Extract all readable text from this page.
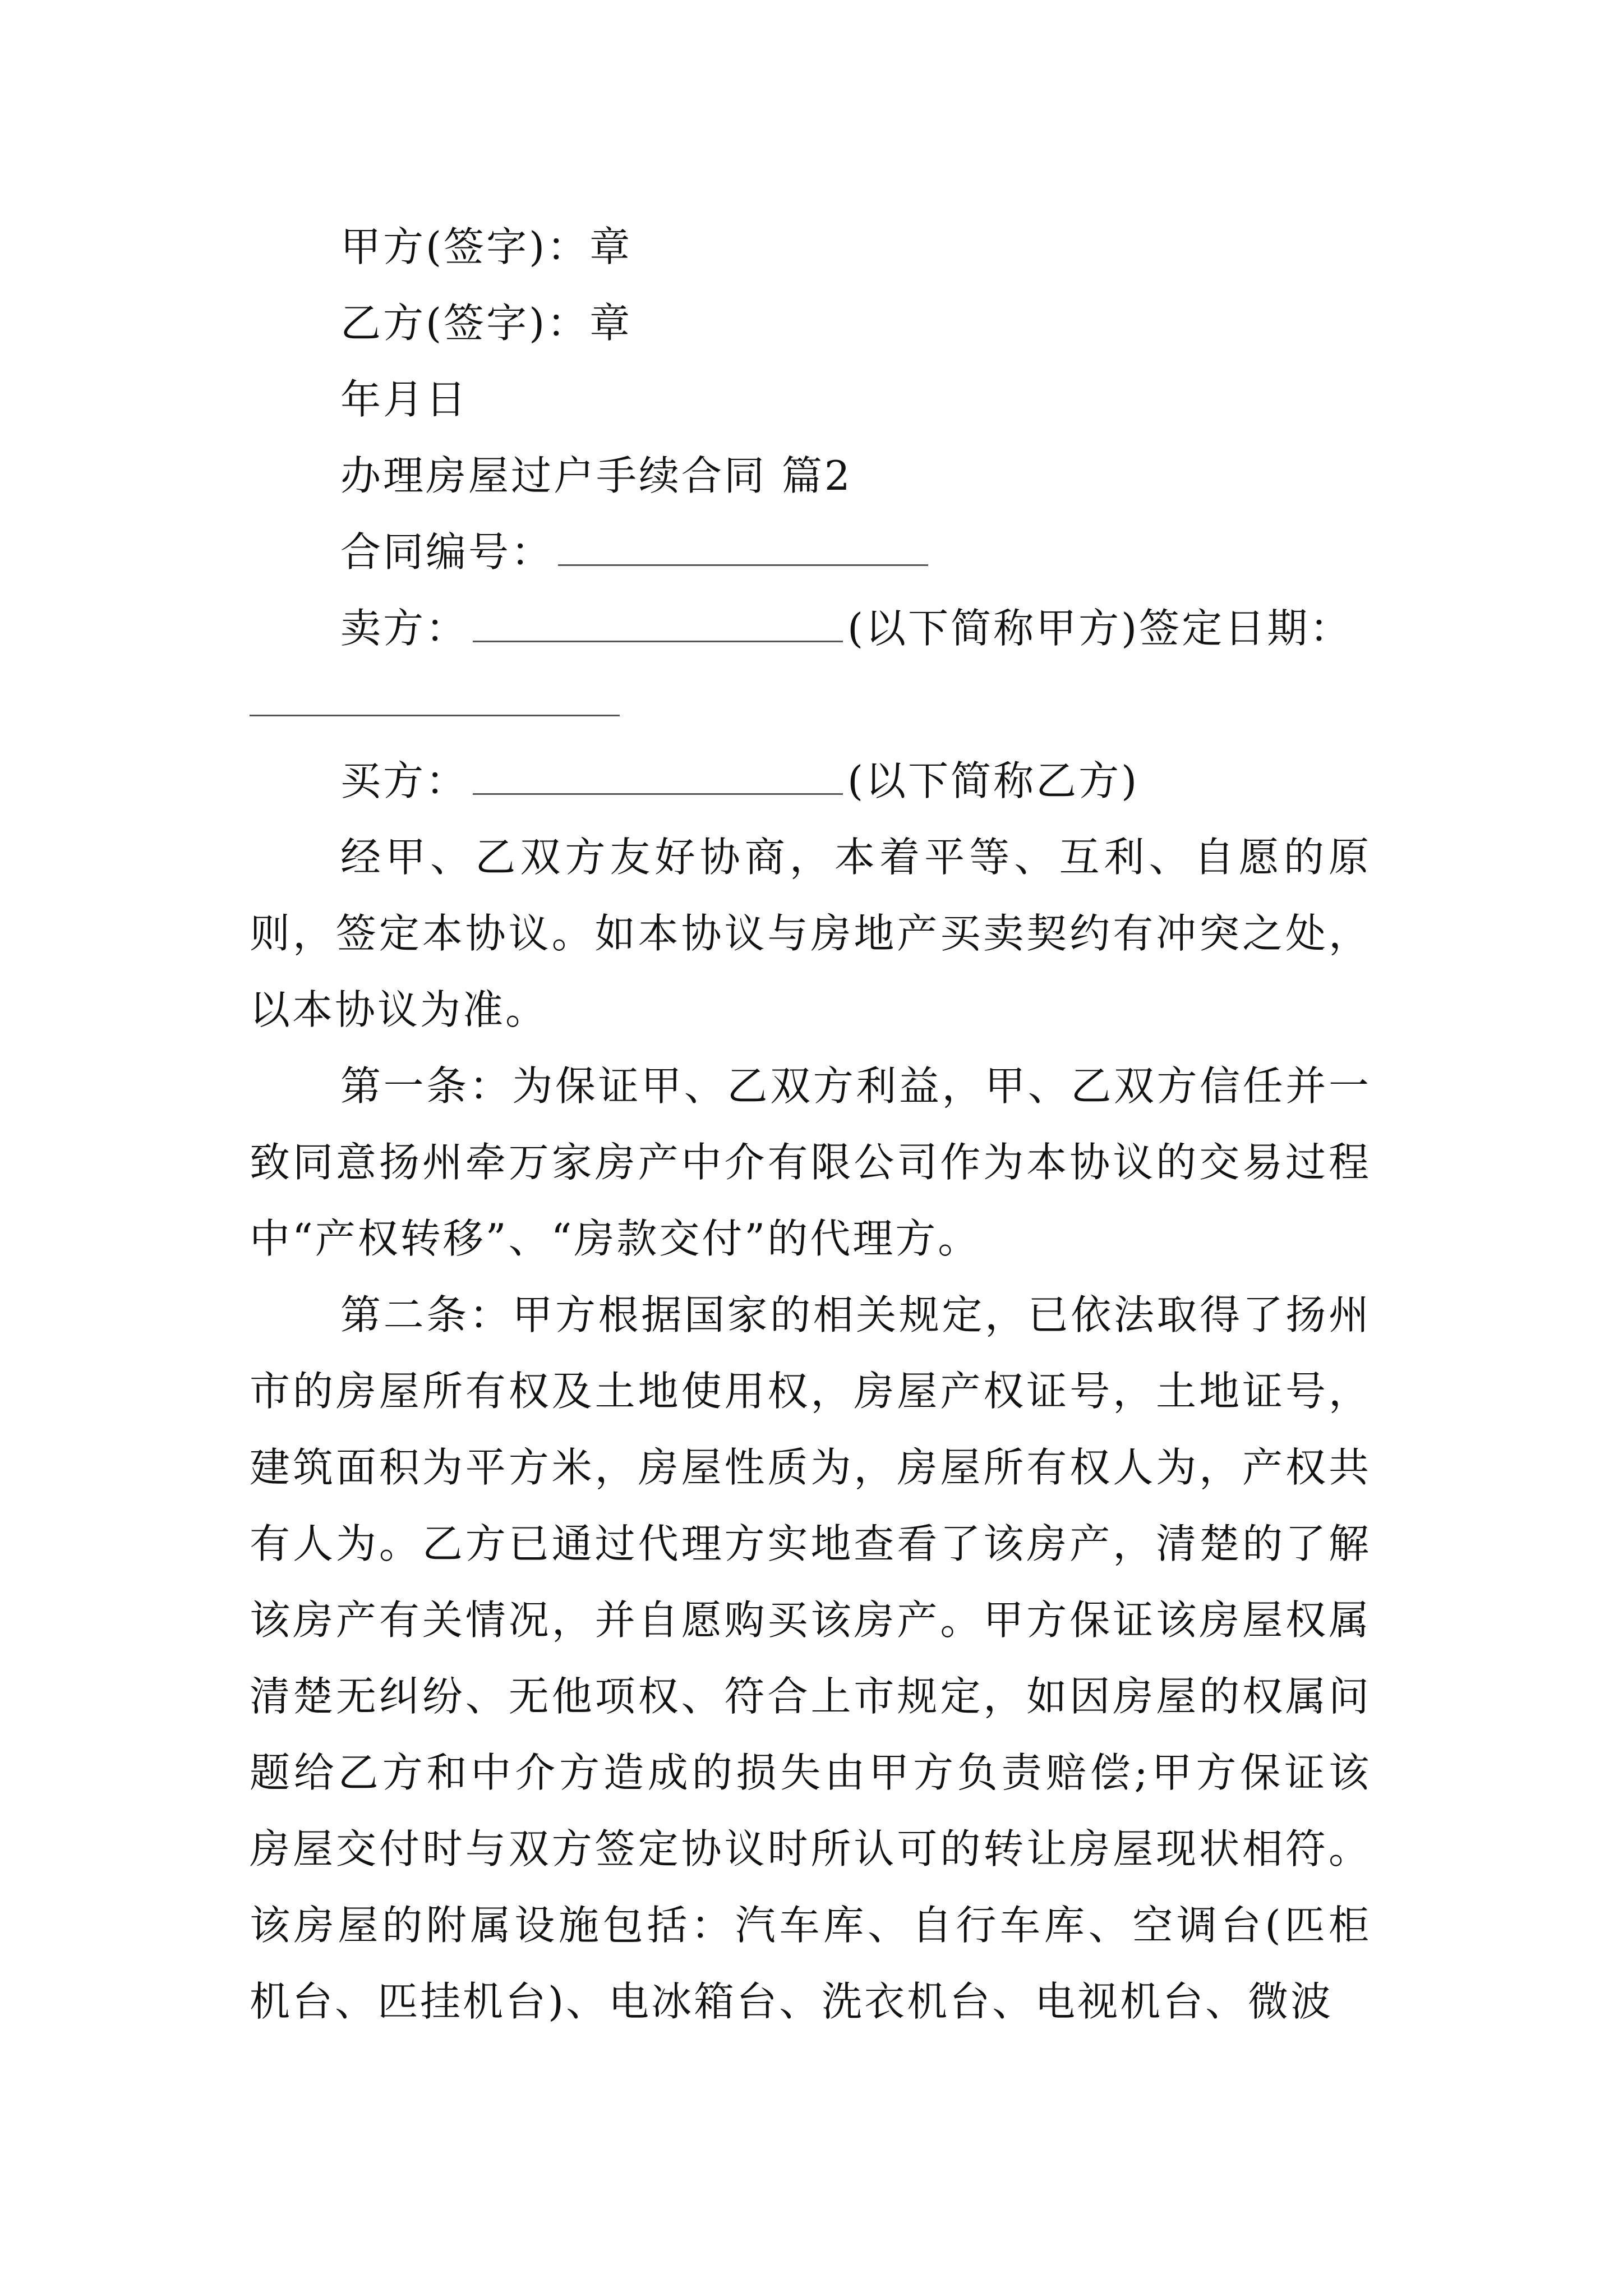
甲方(签字)：章
乙方(签字)：章
年月日
办理房屋过户手续合同 篇2
合同编号：
卖方：	(以下简称甲方)签定日期：
买方：	(以下简称乙方)

经甲、乙双方友好协商，本着平等、互利、自愿的原则，签定本协议。如本协议与房地产买卖契约有冲突之处，以本协议为准。

第一条：为保证甲、乙双方利益，甲、乙双方信任并一致同意扬州牵万家房产中介有限公司作为本协议的交易过程中“产权转移”、“房款交付”的代理方。

第二条：甲方根据国家的相关规定，已依法取得了扬州市的房屋所有权及土地使用权，房屋产权证号，土地证号，建筑面积为平方米，房屋性质为，房屋所有权人为，产权共有人为。乙方已通过代理方实地查看了该房产，清楚的了解该房产有关情况，并自愿购买该房产。甲方保证该房屋权属清楚无纠纷、无他项权、符合上市规定，如因房屋的权属问题给乙方和中介方造成的损失由甲方负责赔偿;甲方保证该房屋交付时与双方签定协议时所认可的转让房屋现状相符。该房屋的附属设施包括：汽车库、自行车库、空调台(匹柜机台、匹挂机台)、电冰箱台、洗衣机台、电视机台、微波
